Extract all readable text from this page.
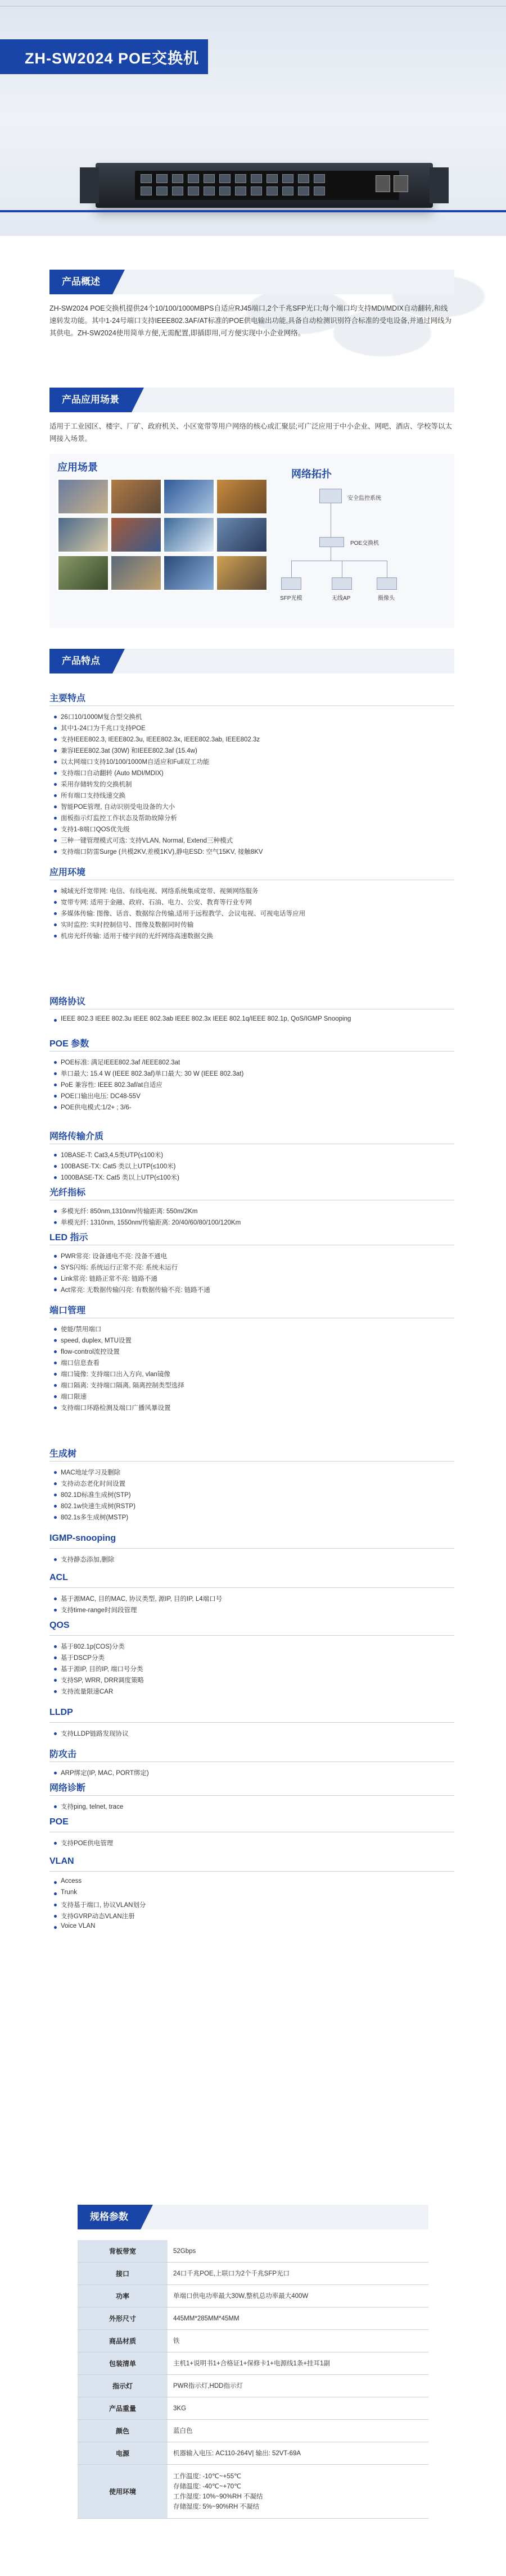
ZH-SW2024 POE交换机
产品概述
ZH-SW2024 POE交换机提供24个10/100/1000MBPS自适应RJ45端口,2个千兆SFP光口;每个端口均支持MDI/MDIX自动翻转,和线速转发功能。其中1-24号端口支持IEEE802.3AF/AT标准的POE供电输出功能,具备自动检测识别符合标准的受电设备,并通过网线为其供电。ZH-SW2024使用简单方便,无需配置,即插即用,可方便实现中小企业网络。
产品应用场景
适用于工业园区、楼宇、厂矿、政府机关、小区宽带等用户网络的核心或汇聚层;可广泛应用于中小企业、网吧、酒店、学校等以太网接入场景。
应用场景
网络拓扑
安全监控系统
POE交换机
SFP光模	无线AP	摄像头
产品特点
主要特点
26口10/1000M复合型交换机
其中1-24口为千兆口支持POE
支持IEEE802.3, IEEE802.3u, IEEE802.3x, IEEE802.3ab, IEEE802.3z
兼容IEEE802.3at (30W) 和IEEE802.3af (15.4w)
以太网端口支持10/100/1000M自适应和Full双工功能
支持端口自动翻转 (Auto MDI/MDIX)
采用存储转发的交换机制
所有端口支持线速交换
智能POE管理, 自动识别受电设备的大小
面板指示灯监控工作状态及帮助故障分析
支持1-8端口QOS优先级
三种一键管理模式可选: 支持VLAN, Normal, Extend三种模式
支持端口防雷Surge (共模2KV,差模1KV),静电ESD: 空气15KV, 接触8KV
应用环境
城域光纤宽带网: 电信、有线电视、网络系统集成宽带、视频网络服务
宽带专网: 适用于金融、政府、石油、电力、公安、教育等行业专网
多媒体传输: 图像、话音、数据综合传输,适用于远程教学、会议电视、可视电话等应用
实时监控: 实时控制信号、图像及数据同时传输
机房光纤传输: 适用于楼宇间的光纤网络高速数据交换
网络协议
IEEE 802.3 IEEE 802.3u IEEE 802.3ab IEEE 802.3x IEEE 802.1q/IEEE 802.1p, QoS/IGMP Snooping
POE 参数
POE标准: 满足IEEE802.3af /IEEE802.3at
单口最大: 15.4 W (IEEE 802.3af)单口最大: 30 W (IEEE 802.3at)
PoE 兼容性: IEEE 802.3af/at自适应
POE口输出电压: DC48-55V
POE供电模式:1/2+ ; 3/6-
网络传输介质
10BASE-T: Cat3,4,5类UTP(≤100米)
100BASE-TX: Cat5 类以上UTP(≤100米)
1000BASE-TX: Cat5 类以上UTP(≤100米)
光纤指标
多模光纤: 850nm,1310nm/传输距离: 550m/2Km
单模光纤: 1310nm, 1550nm/传输距离: 20/40/60/80/100/120Km
LED 指示
PWR常亮: 设备通电不亮: 没备不通电
SYS闪烁: 系统运行正常不亮: 系统未运行
Link常亮: 链路正常不亮: 链路不通
Act常亮: 无数据传输闪亮: 有数据传输不亮: 链路不通
端口管理
使能/禁用端口
speed, duplex, MTU设置
flow-control流控设置
端口信息查看
端口镜像: 支持端口出入方向, vlan镜像
端口隔离: 支持端口隔离, 隔离控制类型选择
端口限速
支持端口环路检测及端口广播风暴设置
生成树
MAC地址学习及删除
支持动态老化时间设置
802.1D标准生成树(STP)
802.1w快速生成树(RSTP)
802.1s多生成树(MSTP)
IGMP-snooping
支持静态添加,删除
ACL
基于源MAC, 目的MAC, 协议类型, 源IP, 目的IP, L4端口号
支持time-range时间段管理
QOS
基于802.1p(COS)分类
基于DSCP分类
基于源IP, 目的IP, 端口号分类
支持SP, WRR, DRR调度策略
支持流量限速CAR
LLDP
支持LLDP链路发现协议
防攻击
ARP绑定(IP, MAC, PORT绑定)
网络诊断
支持ping, telnet, trace
POE
支持POE供电管理
VLAN
Access
Trunk
支持基于端口, 协议VLAN划分
支持GVRP动态VLAN注册
Voice VLAN
规格参数
背板带宽	52Gbps
接口	24口千兆POE,上联口为2个千兆SFP光口
功率	单端口供电功率最大30W,整机总功率最大400W
外形尺寸	445MM*285MM*45MM
商品材质	铁
包装清单	主机1+说明书1+合格证1+保修卡1+电源线1条+挂耳1副
指示灯	PWR指示灯,HDD指示灯
产品重量	3KG
颜色	蓝白色
电源	机器输入电压: AC110-264V| 输出: 52VT-69A
使用环境
工作温度: -10℃~+55℃
存储温度: -40℃~+70℃
工作湿度: 10%~90%RH 不凝结
存储湿度: 5%~90%RH 不凝结
